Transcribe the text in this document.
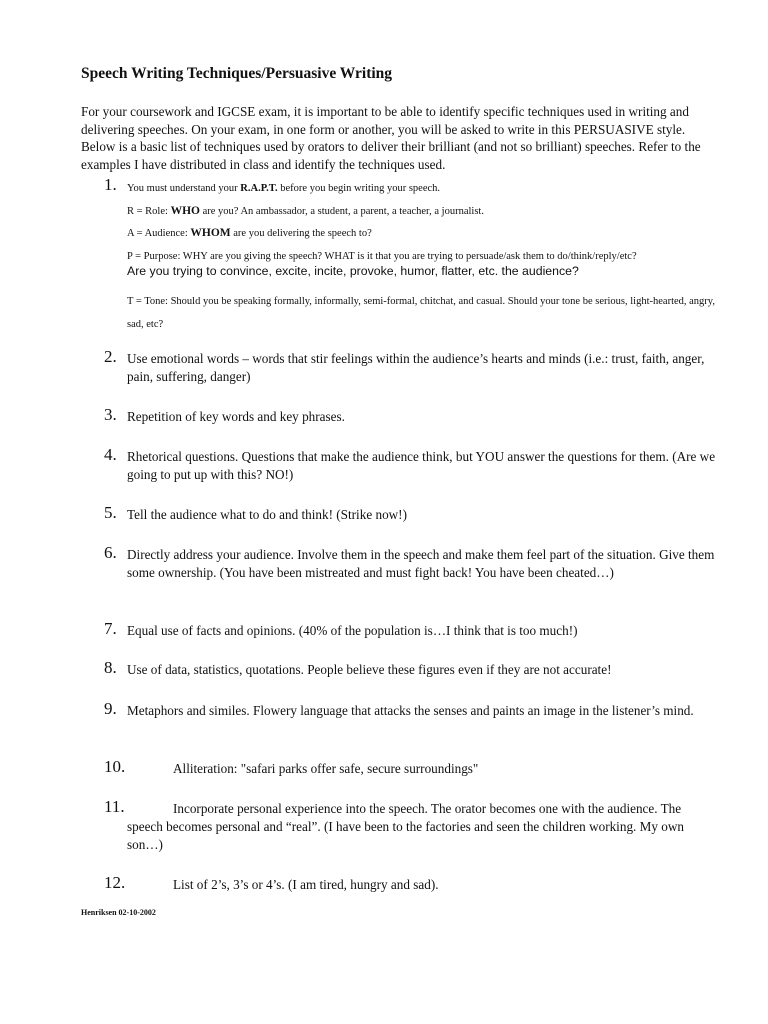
Speech Writing Techniques/Persuasive Writing
For your coursework and IGCSE exam, it is important to be able to identify specific techniques used in writing and delivering speeches. On your exam, in one form or another, you will be asked to write in this PERSUASIVE style. Below is a basic list of techniques used by orators to deliver their brilliant (and not so brilliant) speeches. Refer to the examples I have distributed in class and identify the techniques used.
1. You must understand your R.A.P.T. before you begin writing your speech.
R = Role: WHO are you? An ambassador, a student, a parent, a teacher, a journalist.
A = Audience: WHOM are you delivering the speech to?
P = Purpose: WHY are you giving the speech? WHAT is it that you are trying to persuade/ask them to do/think/reply/etc?
Are you trying to convince, excite, incite, provoke, humor, flatter, etc. the audience?
T = Tone: Should you be speaking formally, informally, semi-formal, chitchat, and casual. Should your tone be serious, light-hearted, angry, sad, etc?
2. Use emotional words – words that stir feelings within the audience’s hearts and minds (i.e.: trust, faith, anger, pain, suffering, danger)
3. Repetition of key words and key phrases.
4. Rhetorical questions. Questions that make the audience think, but YOU answer the questions for them. (Are we going to put up with this? NO!)
5. Tell the audience what to do and think! (Strike now!)
6. Directly address your audience. Involve them in the speech and make them feel part of the situation. Give them some ownership. (You have been mistreated and must fight back! You have been cheated…)
7. Equal use of facts and opinions. (40% of the population is…I think that is too much!)
8. Use of data, statistics, quotations. People believe these figures even if they are not accurate!
9. Metaphors and similes. Flowery language that attacks the senses and paints an image in the listener’s mind.
10.	Alliteration: "safari parks offer safe, secure surroundings"
11.	Incorporate personal experience into the speech. The orator becomes one with the audience. The speech becomes personal and “real”. (I have been to the factories and seen the children working. My own son…)
12.	List of 2’s, 3’s or 4’s. (I am tired, hungry and sad).
Henriksen 02-10-2002
